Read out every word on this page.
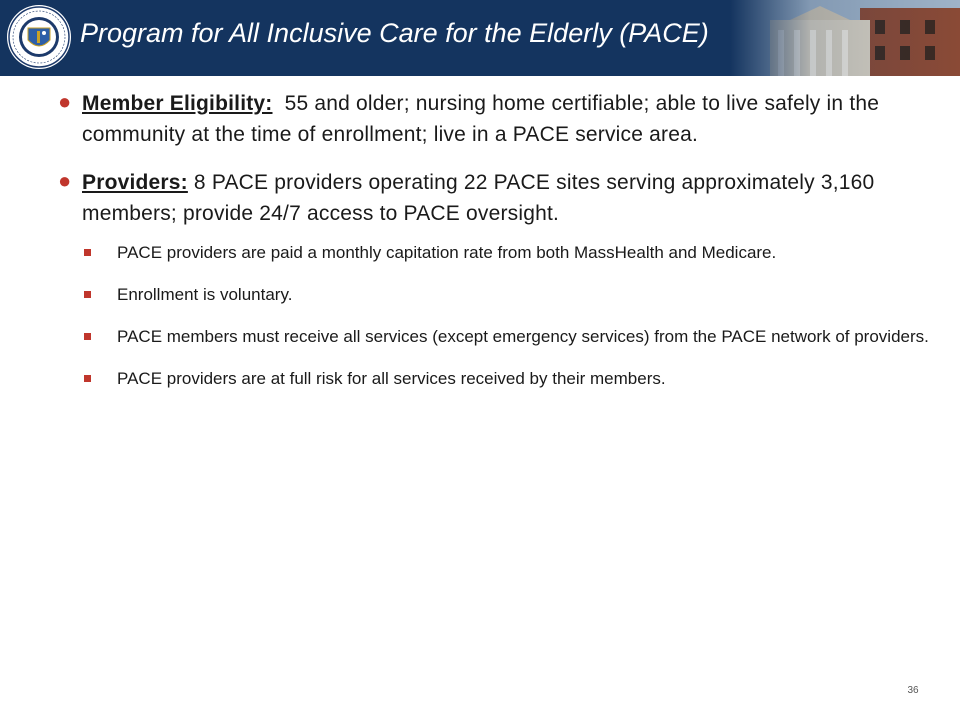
Program for All Inclusive Care for the Elderly (PACE)
● Member Eligibility:  55 and older; nursing home certifiable; able to live safely in the community at the time of enrollment; live in a PACE service area.
● Providers: 8 PACE providers operating 22 PACE sites serving approximately 3,160 members; provide 24/7 access to PACE oversight.
PACE providers are paid a monthly capitation rate from both MassHealth and Medicare.
Enrollment is voluntary.
PACE members must receive all services (except emergency services) from the PACE network of providers.
PACE providers are at full risk for all services received by their members.
36
